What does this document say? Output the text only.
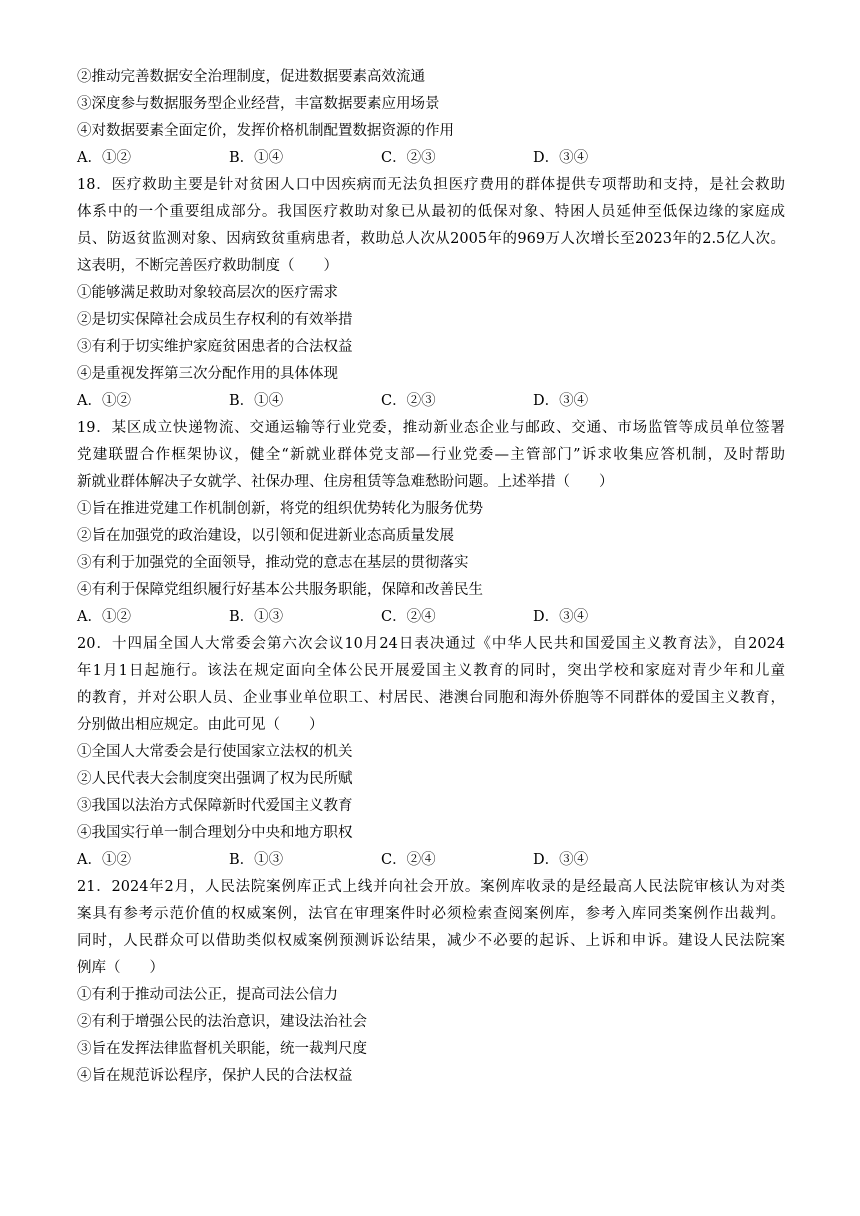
②推动完善数据安全治理制度，促进数据要素高效流通
③深度参与数据服务型企业经营，丰富数据要素应用场景
④对数据要素全面定价，发挥价格机制配置数据资源的作用
A．①②	B．①④	C．②③	D．③④
18．医疗救助主要是针对贫困人口中因疾病而无法负担医疗费用的群体提供专项帮助和支持，是社会救助
体系中的一个重要组成部分。我国医疗救助对象已从最初的低保对象、特困人员延伸至低保边缘的家庭成
员、防返贫监测对象、因病致贫重病患者，救助总人次从2005年的969万人次增长至2023年的2.5亿人次。
这表明，不断完善医疗救助制度（　　）
①能够满足救助对象较高层次的医疗需求
②是切实保障社会成员生存权利的有效举措
③有利于切实维护家庭贫困患者的合法权益
④是重视发挥第三次分配作用的具体体现
A．①②	B．①④	C．②③	D．③④
19．某区成立快递物流、交通运输等行业党委，推动新业态企业与邮政、交通、市场监管等成员单位签署
党建联盟合作框架协议，健全“新就业群体党支部—行业党委—主管部门”诉求收集应答机制，及时帮助
新就业群体解决子女就学、社保办理、住房租赁等急难愁盼问题。上述举措（　　）
①旨在推进党建工作机制创新，将党的组织优势转化为服务优势
②旨在加强党的政治建设，以引领和促进新业态高质量发展
③有利于加强党的全面领导，推动党的意志在基层的贯彻落实
④有利于保障党组织履行好基本公共服务职能，保障和改善民生
A．①②	B．①③	C．②④	D．③④
20．十四届全国人大常委会第六次会议10月24日表决通过《中华人民共和国爱国主义教育法》，自2024
年1月1日起施行。该法在规定面向全体公民开展爱国主义教育的同时，突出学校和家庭对青少年和儿童
的教育，并对公职人员、企业事业单位职工、村居民、港澳台同胞和海外侨胞等不同群体的爱国主义教育，
分别做出相应规定。由此可见（　　）
①全国人大常委会是行使国家立法权的机关
②人民代表大会制度突出强调了权为民所赋
③我国以法治方式保障新时代爱国主义教育
④我国实行单一制合理划分中央和地方职权
A．①②	B．①③	C．②④	D．③④
21．2024年2月，人民法院案例库正式上线并向社会开放。案例库收录的是经最高人民法院审核认为对类
案具有参考示范价值的权威案例，法官在审理案件时必须检索查阅案例库，参考入库同类案例作出裁判。
同时，人民群众可以借助类似权威案例预测诉讼结果，减少不必要的起诉、上诉和申诉。建设人民法院案
例库（　　）
①有利于推动司法公正，提高司法公信力
②有利于增强公民的法治意识，建设法治社会
③旨在发挥法律监督机关职能，统一裁判尺度
④旨在规范诉讼程序，保护人民的合法权益
